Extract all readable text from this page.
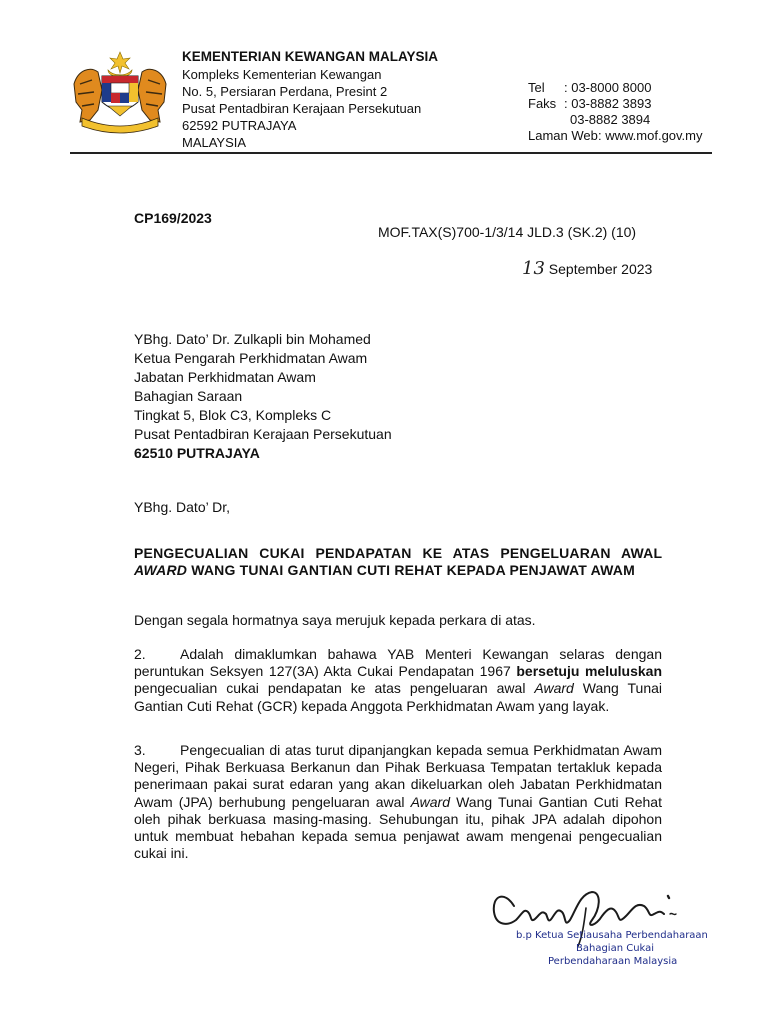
KEMENTERIAN KEWANGAN MALAYSIA
Kompleks Kementerian Kewangan
No. 5, Persiaran Perdana, Presint 2
Pusat Pentadbiran Kerajaan Persekutuan
62592 PUTRAJAYA
MALAYSIA
Tel : 03-8000 8000
Faks : 03-8882 3893
03-8882 3894
Laman Web : www.mof.gov.my
CP169/2023
MOF.TAX(S)700-1/3/14 JLD.3 (SK.2) (10)
13 September 2023
YBhg. Dato’ Dr. Zulkapli bin Mohamed
Ketua Pengarah Perkhidmatan Awam
Jabatan Perkhidmatan Awam
Bahagian Saraan
Tingkat 5, Blok C3, Kompleks C
Pusat Pentadbiran Kerajaan Persekutuan
62510 PUTRAJAYA
YBhg. Dato’ Dr,
PENGECUALIAN CUKAI PENDAPATAN KE ATAS PENGELUARAN AWAL AWARD WANG TUNAI GANTIAN CUTI REHAT KEPADA PENJAWAT AWAM
Dengan segala hormatnya saya merujuk kepada perkara di atas.
2. Adalah dimaklumkan bahawa YAB Menteri Kewangan selaras dengan peruntukan Seksyen 127(3A) Akta Cukai Pendapatan 1967 bersetuju meluluskan pengecualian cukai pendapatan ke atas pengeluaran awal Award Wang Tunai Gantian Cuti Rehat (GCR) kepada Anggota Perkhidmatan Awam yang layak.
3. Pengecualian di atas turut dipanjangkan kepada semua Perkhidmatan Awam Negeri, Pihak Berkuasa Berkanun dan Pihak Berkuasa Tempatan tertakluk kepada penerimaan pakai surat edaran yang akan dikeluarkan oleh Jabatan Perkhidmatan Awam (JPA) berhubung pengeluaran awal Award Wang Tunai Gantian Cuti Rehat oleh pihak berkuasa masing-masing. Sehubungan itu, pihak JPA adalah dipohon untuk membuat hebahan kepada semua penjawat awam mengenai pengecualian cukai ini.
b.p Ketua Setiausaha Perbendaharaan
Bahagian Cukai
Perbendaharaan Malaysia
